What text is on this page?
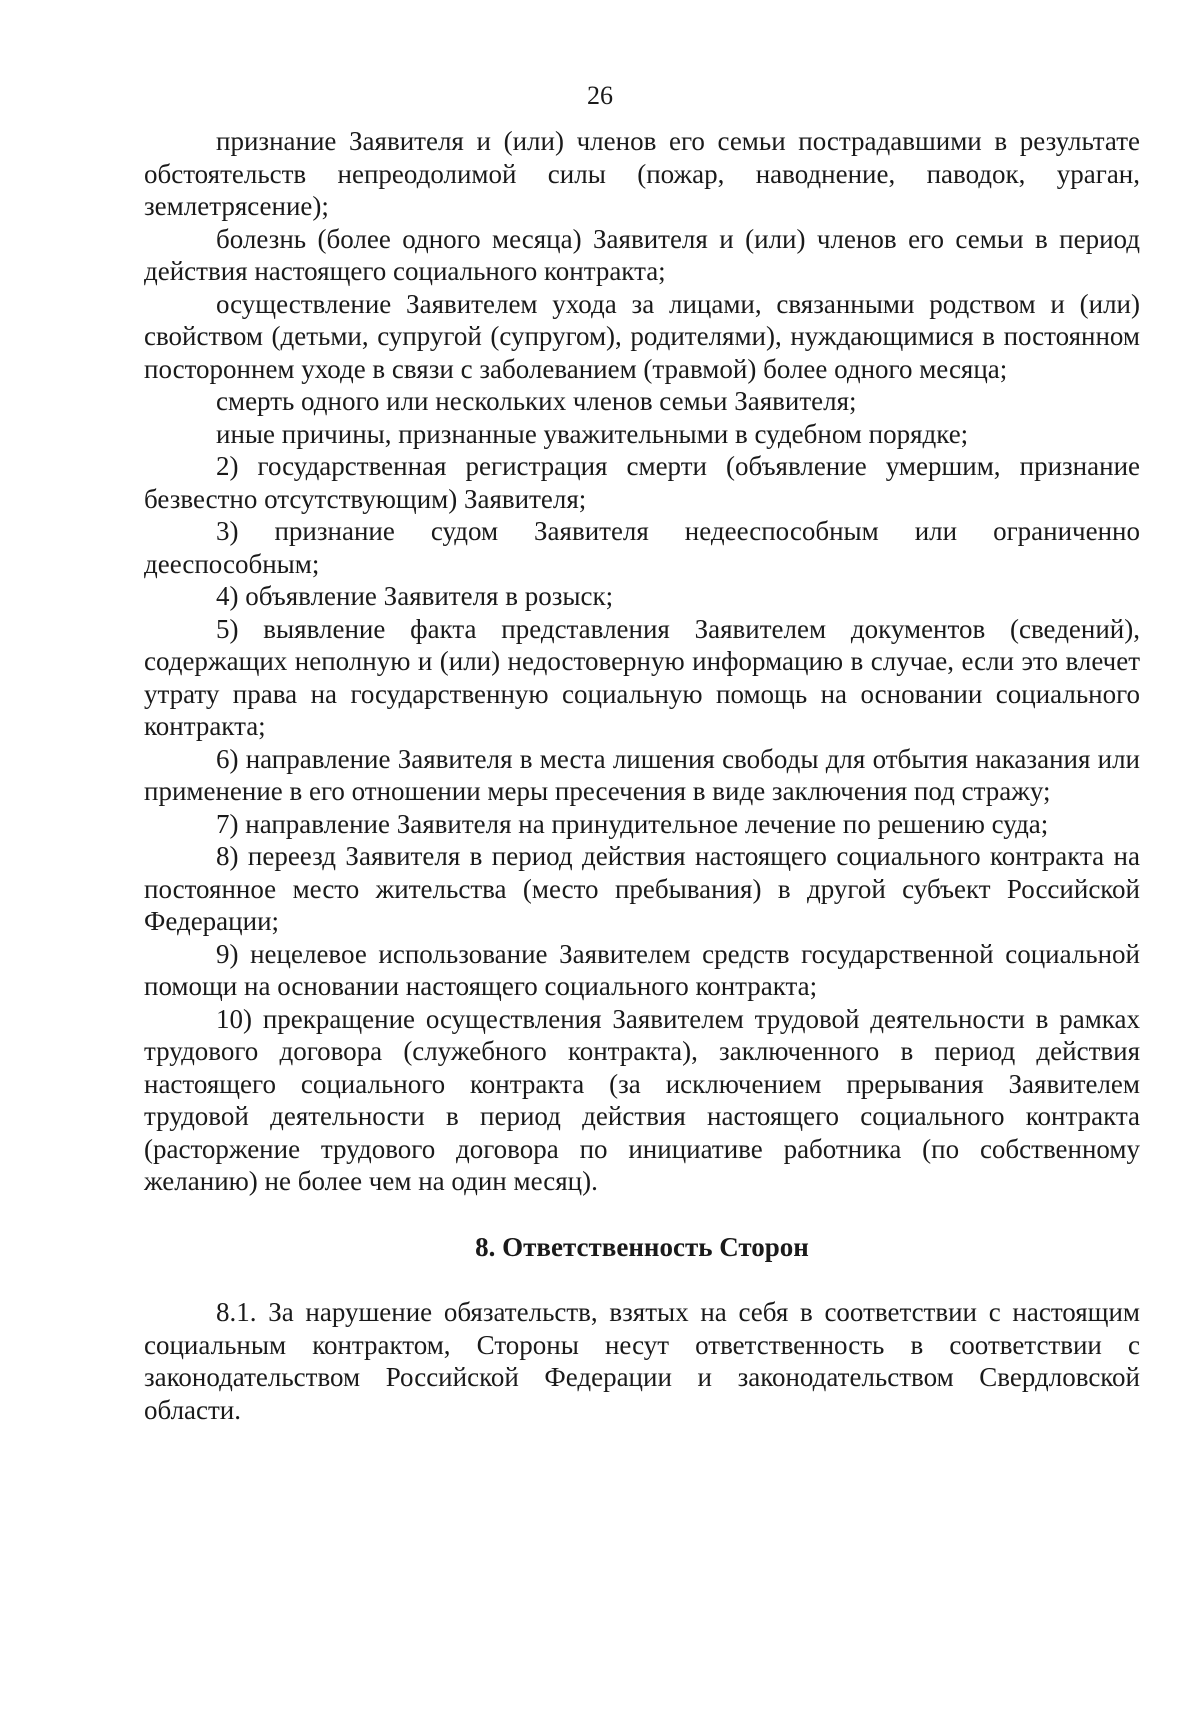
26

признание Заявителя и (или) членов его семьи пострадавшими в результате обстоятельств непреодолимой силы (пожар, наводнение, паводок, ураган, землетрясение);

болезнь (более одного месяца) Заявителя и (или) членов его семьи в период действия настоящего социального контракта;

осуществление Заявителем ухода за лицами, связанными родством и (или) свойством (детьми, супругой (супругом), родителями), нуждающимися в постоянном постороннем уходе в связи с заболеванием (травмой) более одного месяца;

смерть одного или нескольких членов семьи Заявителя;

иные причины, признанные уважительными в судебном порядке;

2) государственная регистрация смерти (объявление умершим, признание безвестно отсутствующим) Заявителя;

3) признание судом Заявителя недееспособным или ограниченно дееспособным;

4) объявление Заявителя в розыск;

5) выявление факта представления Заявителем документов (сведений), содержащих неполную и (или) недостоверную информацию в случае, если это влечет утрату права на государственную социальную помощь на основании социального контракта;

6) направление Заявителя в места лишения свободы для отбытия наказания или применение в его отношении меры пресечения в виде заключения под стражу;

7) направление Заявителя на принудительное лечение по решению суда;

8) переезд Заявителя в период действия настоящего социального контракта на постоянное место жительства (место пребывания) в другой субъект Российской Федерации;

9) нецелевое использование Заявителем средств государственной социальной помощи на основании настоящего социального контракта;

10) прекращение осуществления Заявителем трудовой деятельности в рамках трудового договора (служебного контракта), заключенного в период действия настоящего социального контракта (за исключением прерывания Заявителем трудовой деятельности в период действия настоящего социального контракта (расторжение трудового договора по инициативе работника (по собственному желанию) не более чем на один месяц).

8. Ответственность Сторон

8.1. За нарушение обязательств, взятых на себя в соответствии с настоящим социальным контрактом, Стороны несут ответственность в соответствии с законодательством Российской Федерации и законодательством Свердловской области.
